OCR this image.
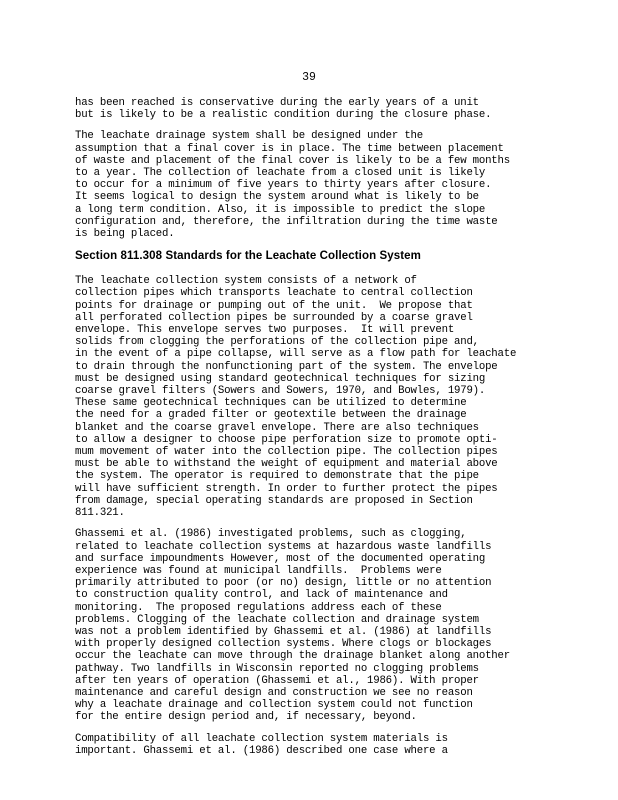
39
has been reached is conservative during the early years of a unit
but is likely to be a realistic condition during the closure phase.
The leachate drainage system shall be designed under the
assumption that a final cover is in place. The time between placement
of waste and placement of the final cover is likely to be a few months
to a year. The collection of leachate from a closed unit is likely
to occur for a minimum of five years to thirty years after closure.
It seems logical to design the system around what is likely to be
a long term condition. Also, it is impossible to predict the slope
configuration and, therefore, the infiltration during the time waste
is being placed.
Section 811.308 Standards for the Leachate Collection System
The leachate collection system consists of a network of
collection pipes which transports leachate to central collection
points for drainage or pumping out of the unit.  We propose that
all perforated collection pipes be surrounded by a coarse gravel
envelope. This envelope serves two purposes.  It will prevent
solids from clogging the perforations of the collection pipe and,
in the event of a pipe collapse, will serve as a flow path for leachate
to drain through the nonfunctioning part of the system. The envelope
must be designed using standard geotechnical techniques for sizing
coarse gravel filters (Sowers and Sowers, 1970, and Bowles, 1979).
These same geotechnical techniques can be utilized to determine
the need for a graded filter or geotextile between the drainage
blanket and the coarse gravel envelope. There are also techniques
to allow a designer to choose pipe perforation size to promote opti-
mum movement of water into the collection pipe. The collection pipes
must be able to withstand the weight of equipment and material above
the system. The operator is required to demonstrate that the pipe
will have sufficient strength. In order to further protect the pipes
from damage, special operating standards are proposed in Section
811.321.
Ghassemi et al. (1986) investigated problems, such as clogging,
related to leachate collection systems at hazardous waste landfills
and surface impoundments However, most of the documented operating
experience was found at municipal landfills.  Problems were
primarily attributed to poor (or no) design, little or no attention
to construction quality control, and lack of maintenance and
monitoring.  The proposed regulations address each of these
problems. Clogging of the leachate collection and drainage system
was not a problem identified by Ghassemi et al. (1986) at landfills
with properly designed collection systems. Where clogs or blockages
occur the leachate can move through the drainage blanket along another
pathway. Two landfills in Wisconsin reported no clogging problems
after ten years of operation (Ghassemi et al., 1986). With proper
maintenance and careful design and construction we see no reason
why a leachate drainage and collection system could not function
for the entire design period and, if necessary, beyond.
Compatibility of all leachate collection system materials is
important. Ghassemi et al. (1986) described one case where a
